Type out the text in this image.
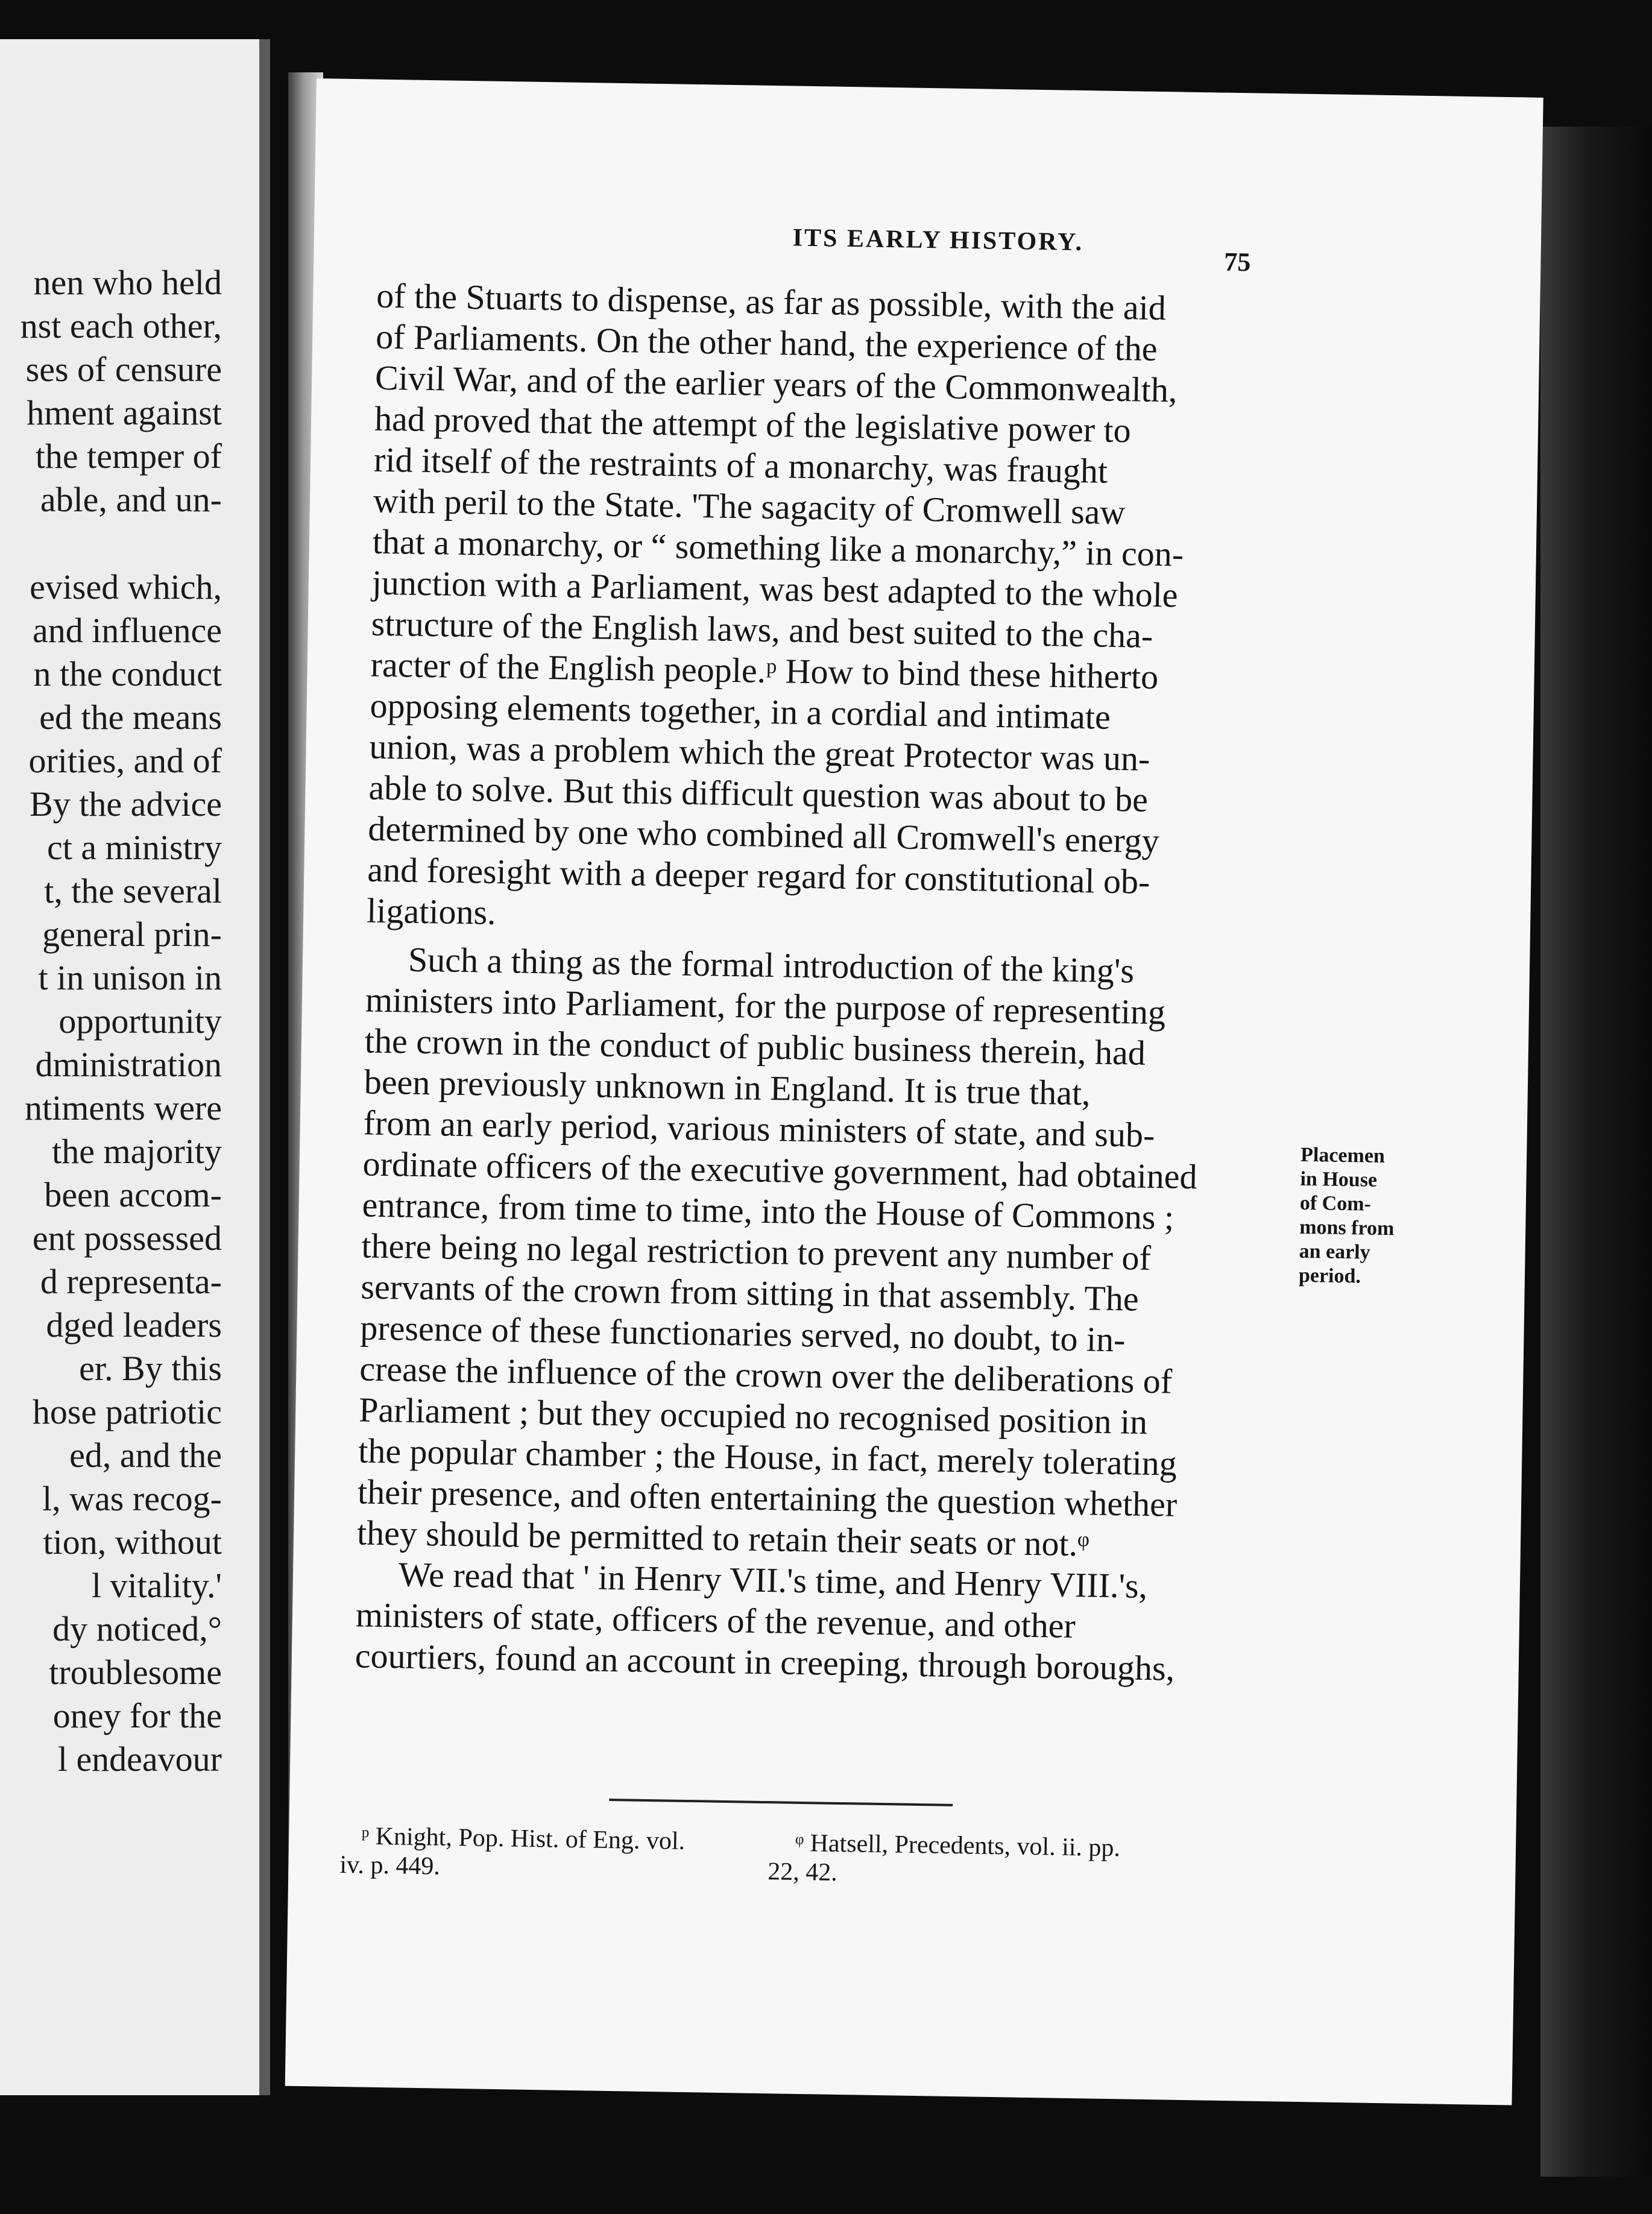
nen who held
nst each other,
ses of censure
hment against
the temper of
able, and un-
evised which,
and influence
n the conduct
ed the means
orities, and of
By the advice
ct a ministry
t, the several
general prin-
t in unison in
opportunity
dministration
ntiments were
the majority
been accom-
ent possessed
d representa-
dged leaders
er. By this
hose patriotic
ed, and the
l, was recog-
tion, without
l vitality.'
dy noticed,°
troublesome
oney for the
l endeavour
ITS EARLY HISTORY.
75
of the Stuarts to dispense, as far as possible, with the aid
of Parliaments. On the other hand, the experience of the
Civil War, and of the earlier years of the Commonwealth,
had proved that the attempt of the legislative power to
rid itself of the restraints of a monarchy, was fraught
with peril to the State. 'The sagacity of Cromwell saw
that a monarchy, or “ something like a monarchy,” in con-
junction with a Parliament, was best adapted to the whole
structure of the English laws, and best suited to the cha-
racter of the English people.ᵖ How to bind these hitherto
opposing elements together, in a cordial and intimate
union, was a problem which the great Protector was un-
able to solve. But this difficult question was about to be
determined by one who combined all Cromwell's energy
and foresight with a deeper regard for constitutional ob-
ligations.
Such a thing as the formal introduction of the king's
ministers into Parliament, for the purpose of representing
the crown in the conduct of public business therein, had
been previously unknown in England. It is true that,
from an early period, various ministers of state, and sub-
ordinate officers of the executive government, had obtained
entrance, from time to time, into the House of Commons ;
there being no legal restriction to prevent any number of
servants of the crown from sitting in that assembly. The
presence of these functionaries served, no doubt, to in-
crease the influence of the crown over the deliberations of
Parliament ; but they occupied no recognised position in
the popular chamber ; the House, in fact, merely tolerating
their presence, and often entertaining the question whether
they should be permitted to retain their seats or not.ᵠ
We read that ' in Henry VII.'s time, and Henry VIII.'s,
ministers of state, officers of the revenue, and other
courtiers, found an account in creeping, through boroughs,
Placemen
in House
of Com-
mons from
an early
period.
ᵖ Knight, Pop. Hist. of Eng. vol.
iv. p. 449.
ᵠ Hatsell, Precedents, vol. ii. pp.
22, 42.
